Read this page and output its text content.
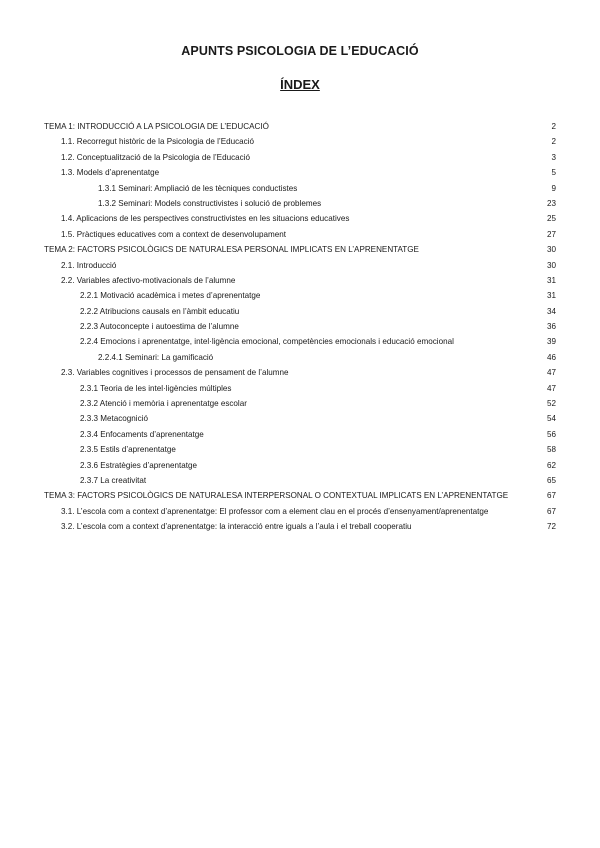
APUNTS PSICOLOGIA DE L’EDUCACIÓ
ÍNDEX
TEMA 1: INTRODUCCIÓ A LA PSICOLOGIA DE L’EDUCACIÓ	2
1.1. Recorregut històric de la Psicologia de l’Educació	2
1.2. Conceptualització de la Psicologia de l’Educació	3
1.3. Models d’aprenentatge	5
1.3.1 Seminari: Ampliació de les tècniques conductistes	9
1.3.2 Seminari: Models constructivistes i solució de problemes	23
1.4. Aplicacions de les perspectives constructivistes en les situacions educatives	25
1.5. Pràctiques educatives com a context de desenvolupament	27
TEMA 2: FACTORS PSICOLÒGICS DE NATURALESA PERSONAL IMPLICATS EN L’APRENENTATGE	30
2.1. Introducció	30
2.2. Variables afectivo-motivacionals de l’alumne	31
2.2.1 Motivació acadèmica i metes d’aprenentatge	31
2.2.2 Atribucions causals en l’àmbit educatiu	34
2.2.3 Autoconcepte i autoestima de l’alumne	36
2.2.4 Emocions i aprenentatge, intel·ligència emocional, competències emocionals i educació emocional	39
2.2.4.1 Seminari: La gamificació	46
2.3. Variables cognitives i processos de pensament de l’alumne	47
2.3.1 Teoria de les intel·ligències múltiples	47
2.3.2 Atenció i memòria i aprenentatge escolar	52
2.3.3 Metacognició	54
2.3.4 Enfocaments d’aprenentatge	56
2.3.5 Estils d’aprenentatge	58
2.3.6 Estratègies d’aprenentatge	62
2.3.7 La creativitat	65
TEMA 3: FACTORS PSICOLÒGICS DE NATURALESA INTERPERSONAL O CONTEXTUAL IMPLICATS EN L’APRENENTATGE	67
3.1. L’escola com a context d’aprenentatge: El professor com a element clau en el procés d’ensenyament/aprenentatge	67
3.2. L’escola com a context d’aprenentatge: la interacció entre iguals a l’aula i el treball cooperatiu	72
